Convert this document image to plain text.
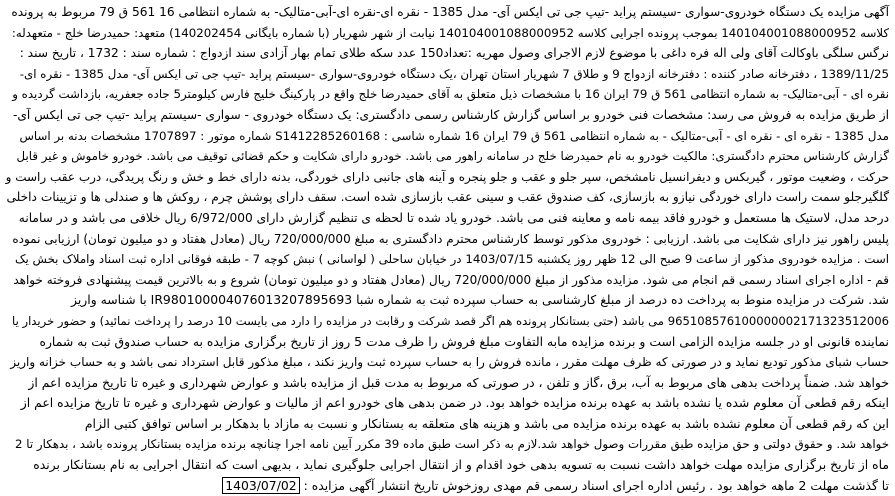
آگهی مزایده یک دستگاه خودروی-سواری -سیستم پراید -تیپ جی تی ایکس آی- مدل 1385 - نقره ای-نقره ای-آبی-متالیک- به شماره انتظامی 16 561 ق 79 مربوط به پرونده
کلاسه 140104001088000952 بموجب پرونده اجرایی کلاسه 140104001088000952 نیابت از شهر شهریار (با شماره بایگانی 140202454) متعهد: حمیدرضا خلج - متعهدله:
نرگس سلگی باوکالت آقای ولی اله فره داغی با موضوع لازم الاجرای وصول مهریه :تعداد150 عدد سکه طلای تمام بهار آزادی سند ازدواج : شماره سند : 1732 ، تاریخ سند :
1389/11/25 ، دفترخانه صادر کننده : دفترخانه ازدواج 9 و طلاق 7 شهریار استان تهران ،یک دستگاه خودروی-سواری -سیستم پراید -تیپ جی تی ایکس آی- مدل 1385 - نقره ای-
نقره ای - آبی-متالیک- به شماره انتظامی 561 ق 79 ایران 16 با مشخصات ذیل متعلق به آقای حمیدرضا خلج واقع در پارکینگ خلیج فارس کیلومتر5 جاده جعفریه، بازداشت گردیده و
از طریق مزایده به فروش می رسد: مشخصات فنی خودرو بر اساس گزارش کارشناس رسمی دادگستری: یک دستگاه خودروی - سواری -سیستم پراید -تیپ جی تی ایکس آی-
مدل 1385 - نقره ای - نقره ای - آبی-متالیک - به شماره انتظامی 561 ق 79 ایران 16 شماره شاسی : S1412285260168 شماره موتور : 1707897 مشخصات بدنه بر اساس
گزارش کارشناس محترم دادگستری: مالکیت خودرو به نام حمیدرضا خلج در سامانه راهور می باشد. خودرو دارای شکایت و حکم قضائی توقیف می باشد. خودرو خاموش و غیر قابل
حرکت ، وضعیت موتور ، گیربکس و دیفرانسیل نامشخص، سپر جلو و عقب و جلو پنجره و آینه های جانبی دارای خوردگی، بدنه دارای خط و خش و رنگ پریدگی، درب عقب راست و
گلگیرجلو سمت راست دارای خوردگی نیازو به بازسازی، کف صندوق عقب و سینی عقب بازسازی شده است. سقف دارای پوشش چرم ، روکش ها و صندلی ها و تزیینات داخلی
درحد مدل، لاستیک ها مستعمل و خودرو فاقد بیمه نامه و معاینه فنی می باشد. خودرو یاد شده تا لحظه ی تنظیم گزارش دارای 6/972/000 ریال خلافی می باشد و در سامانه
پلیس راهور نیز دارای شکایت می باشد. ارزیابی : خودروی مذکور توسط کارشناس محترم دادگستری به مبلغ 720/000/000 ریال (معادل هفتاد و دو میلیون تومان) ارزیابی نموده
است . مزایده خودروی مذکور از ساعت 9 صبح الی 12 ظهر روز یکشنبه 1403/07/15 در خیابان ساحلی ( لواسانی ) نبش کوچه 7 - طبقه فوقانی اداره ثبت اسناد واملاک بخش یک
قم - اداره اجرای اسناد رسمی قم انجام می شود. مزایده مذکور از مبلغ 720/000/000 ریال (معادل هفتاد و دو میلیون تومان) شروع و به بالاترین قیمت پیشنهادی فروخته خواهد
شد. شرکت در مزایده منوط به پرداخت ده درصد از مبلغ کارشناسی به حساب سپرده ثبت به شماره شبا IR980100004076013207895693 با شناسه واریز
965108576100000002171323512006 می باشد (حتی بستانکار پرونده هم اگر قصد شرکت و رقابت در مزایده را دارد می بایست 10 درصد را پرداخت نمائید) و حضور خریدار یا
نماینده قانونی او در جلسه مزایده الزامی است و برنده مزایده مابه التفاوت مبلغ فروش را ظرف مدت 5 روز از تاریخ برگزاری مزایده به حساب صندوق ثبت به شماره
حساب شبای مذکور تودیع نماید و در صورتی که ظرف مهلت مقرر ، مانده فروش را به حساب سپرده ثبت واریز نکند ، مبلغ مذکور قابل استرداد نمی باشد و به حساب خزانه واریز
خواهد شد. ضمناً پرداخت بدهی های مربوط به آب، برق ،گاز و تلفن ، در صورتی که مربوط به مدت قبل از مزایده باشد و عوارض شهرداری و غیره تا تاریخ مزایده اعم از
اینکه رقم قطعی آن معلوم شده یا نشده باشد به عهده برنده مزایده خواهد بود. در ضمن بدهی های خودرو اعم از مالیات و عوارض شهرداری و غیره تا تاریخ مزایده اعم از
این که رقم قطعی آن معلوم نشده باشد به عهده برنده مزایده می باشد و هزینه های متعلقه به بستانکار و نسبت به مازاد با بدهکار بر اساس توافق کتبی الزام
خواهد شد. و حقوق دولتی و حق مزایده طبق مقررات وصول خواهد شد.لازم به ذکر است طبق ماده 39 مکرر آیین نامه اجرا چنانچه برنده مزایده بستانکار پرونده باشد ، بدهکار تا 2
ماه از تاریخ برگزاری مزایده مهلت خواهد داشت نسبت به تسویه بدهی خود اقدام و از انتقال اجرایی جلوگیری نماید ، بدیهی است که انتقال اجرایی به نام بستانکار برنده
تا گذشت مهلت 2 ماهه خواهد بود . رئیس اداره اجرای اسناد رسمی قم مهدی روزخوش تاریخ انتشار آگهی مزایده : 1403/07/02
